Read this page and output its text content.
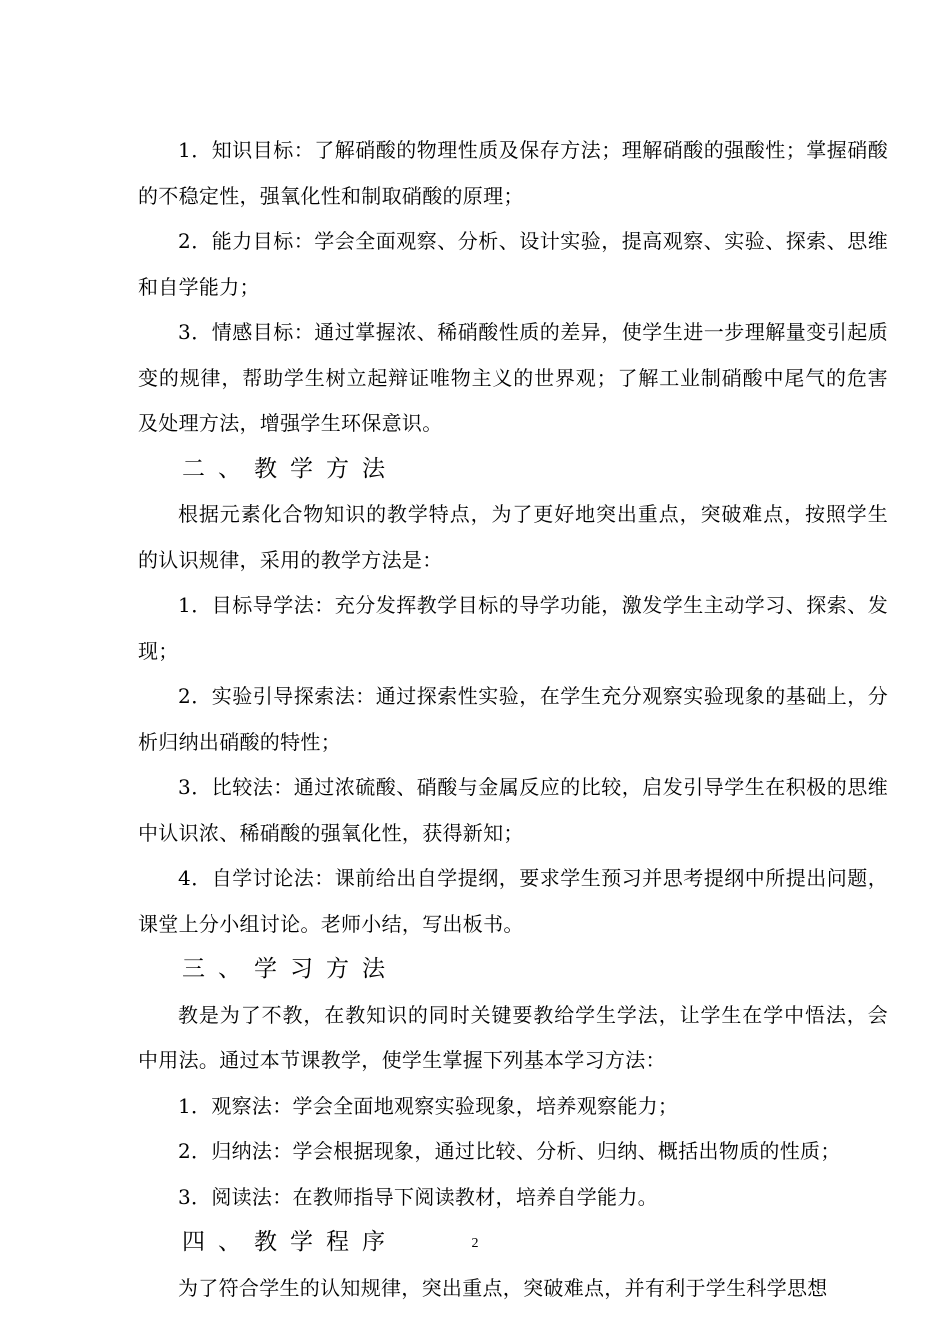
1．知识目标：了解硝酸的物理性质及保存方法；理解硝酸的强酸性；掌握硝酸的不稳定性，强氧化性和制取硝酸的原理；

2．能力目标：学会全面观察、分析、设计实验，提高观察、实验、探索、思维和自学能力；

3．情感目标：通过掌握浓、稀硝酸性质的差异，使学生进一步理解量变引起质变的规律，帮助学生树立起辩证唯物主义的世界观；了解工业制硝酸中尾气的危害及处理方法，增强学生环保意识。

二、教学方法

根据元素化合物知识的教学特点，为了更好地突出重点，突破难点，按照学生的认识规律，采用的教学方法是：

1．目标导学法：充分发挥教学目标的导学功能，激发学生主动学习、探索、发现；

2．实验引导探索法：通过探索性实验，在学生充分观察实验现象的基础上，分析归纳出硝酸的特性；

3．比较法：通过浓硫酸、硝酸与金属反应的比较，启发引导学生在积极的思维中认识浓、稀硝酸的强氧化性，获得新知；

4．自学讨论法：课前给出自学提纲，要求学生预习并思考提纲中所提出问题，课堂上分小组讨论。老师小结，写出板书。

三、学习方法

教是为了不教，在教知识的同时关键要教给学生学法，让学生在学中悟法，会中用法。通过本节课教学，使学生掌握下列基本学习方法：

1．观察法：学会全面地观察实验现象，培养观察能力；

2．归纳法：学会根据现象，通过比较、分析、归纳、概括出物质的性质；

3．阅读法：在教师指导下阅读教材，培养自学能力。

四、教学程序

为了符合学生的认知规律，突出重点，突破难点，并有利于学生科学思想

2
